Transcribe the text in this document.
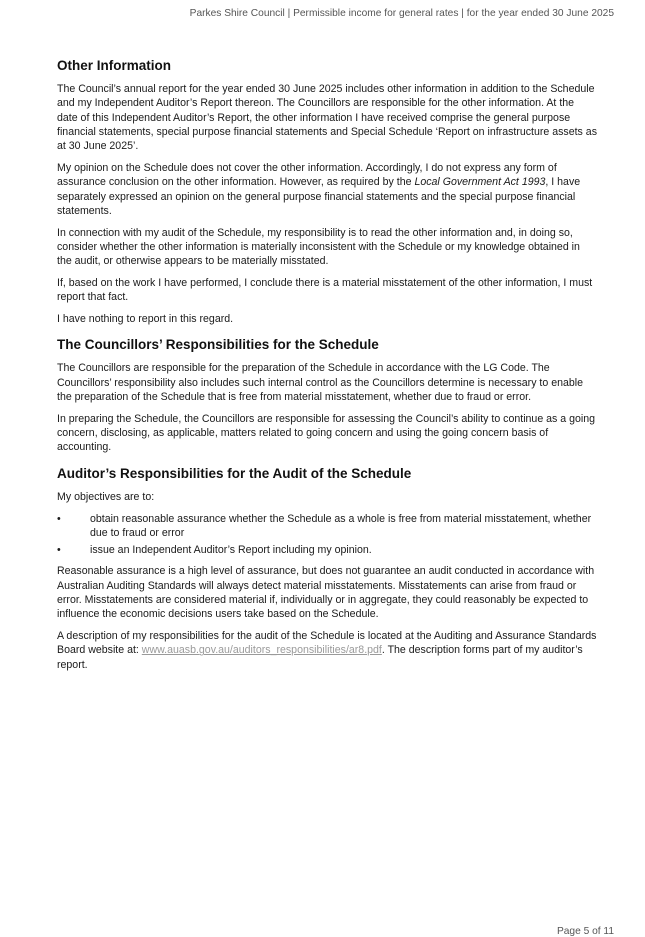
Parkes Shire Council | Permissible income for general rates | for the year ended 30 June 2025
Other Information

The Council’s annual report for the year ended 30 June 2025 includes other information in addition to the Schedule and my Independent Auditor’s Report thereon. The Councillors are responsible for the other information. At the date of this Independent Auditor’s Report, the other information I have received comprise the general purpose financial statements, special purpose financial statements and Special Schedule ‘Report on infrastructure assets as at 30 June 2025’.

My opinion on the Schedule does not cover the other information. Accordingly, I do not express any form of assurance conclusion on the other information. However, as required by the Local Government Act 1993, I have separately expressed an opinion on the general purpose financial statements and the special purpose financial statements.

In connection with my audit of the Schedule, my responsibility is to read the other information and, in doing so, consider whether the other information is materially inconsistent with the Schedule or my knowledge obtained in the audit, or otherwise appears to be materially misstated.

If, based on the work I have performed, I conclude there is a material misstatement of the other information, I must report that fact.

I have nothing to report in this regard.

The Councillors’ Responsibilities for the Schedule

The Councillors are responsible for the preparation of the Schedule in accordance with the LG Code. The Councillors’ responsibility also includes such internal control as the Councillors determine is necessary to enable the preparation of the Schedule that is free from material misstatement, whether due to fraud or error.

In preparing the Schedule, the Councillors are responsible for assessing the Council’s ability to continue as a going concern, disclosing, as applicable, matters related to going concern and using the going concern basis of accounting.

Auditor’s Responsibilities for the Audit of the Schedule

My objectives are to:

•	obtain reasonable assurance whether the Schedule as a whole is free from material misstatement, whether due to fraud or error
•	issue an Independent Auditor’s Report including my opinion.

Reasonable assurance is a high level of assurance, but does not guarantee an audit conducted in accordance with Australian Auditing Standards will always detect material misstatements. Misstatements can arise from fraud or error. Misstatements are considered material if, individually or in aggregate, they could reasonably be expected to influence the economic decisions users take based on the Schedule.

A description of my responsibilities for the audit of the Schedule is located at the Auditing and Assurance Standards Board website at: www.auasb.gov.au/auditors_responsibilities/ar8.pdf. The description forms part of my auditor’s report.

Page 5 of 11
